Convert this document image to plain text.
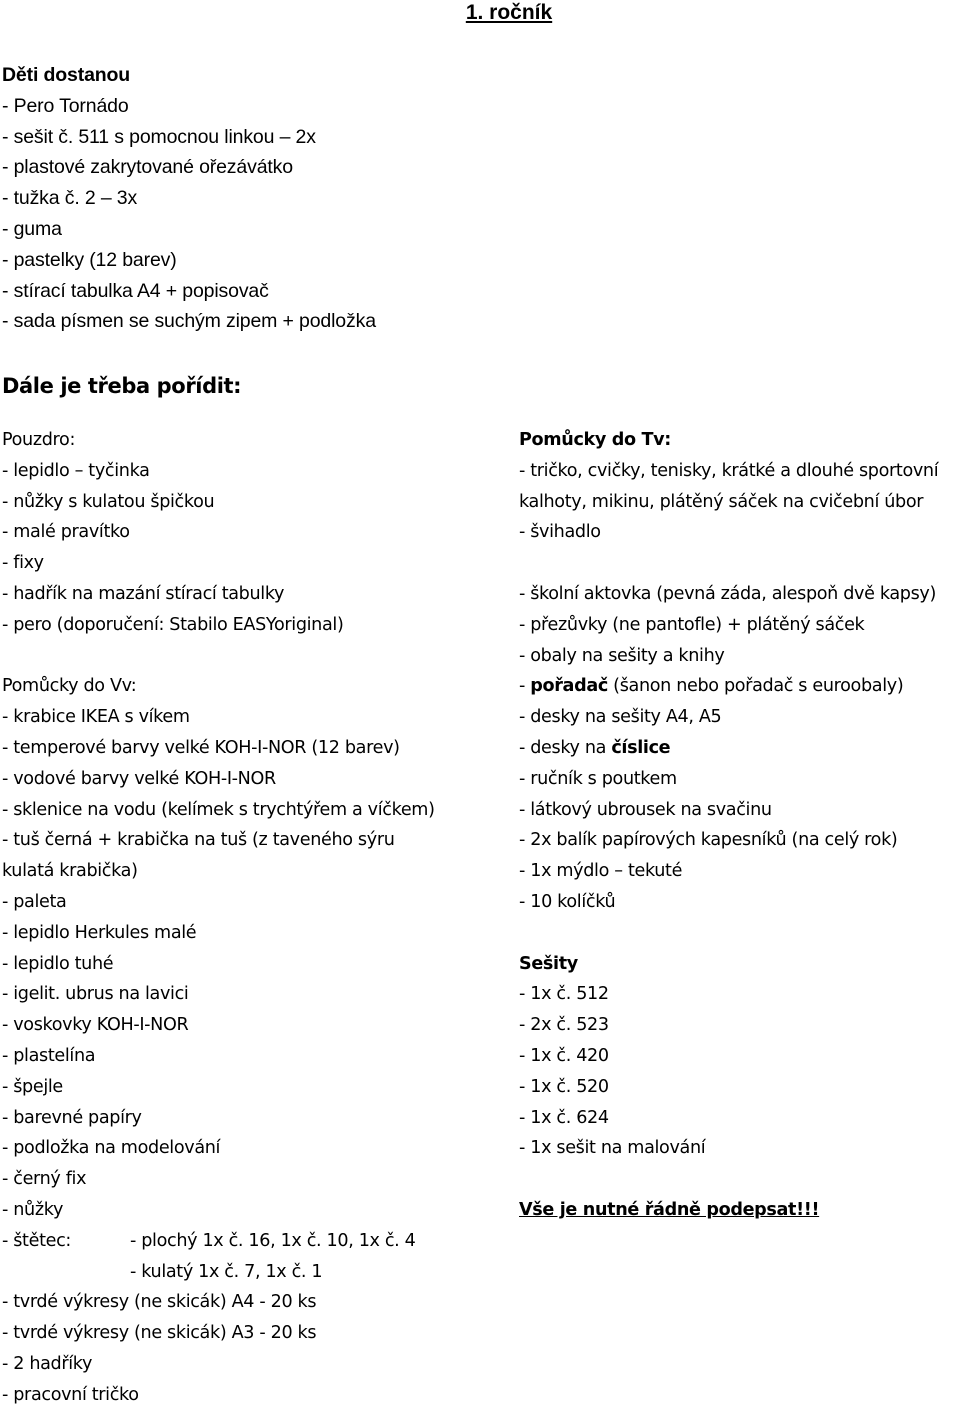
1. ročník
Děti dostanou
- Pero Tornádo
- sešit č. 511 s pomocnou linkou – 2x
- plastové zakrytované ořezávátko
- tužka č. 2 – 3x
- guma
- pastelky (12 barev)
- stírací tabulka A4 + popisovač
- sada písmen se suchým zipem + podložka
Dále je třeba pořídit:
Pouzdro:
- lepidlo – tyčinka
- nůžky s kulatou špičkou
- malé pravítko
- fixy
- hadřík na mazání stírací tabulky
- pero (doporučení: Stabilo EASYoriginal)
Pomůcky do Vv:
- krabice IKEA s víkem
- temperové barvy velké KOH-I-NOR (12 barev)
- vodové barvy velké KOH-I-NOR
- sklenice na vodu (kelímek s trychtýřem a víčkem)
- tuš černá + krabička na tuš (z taveného sýru
kulatá krabička)
- paleta
- lepidlo Herkules malé
- lepidlo tuhé
- igelit. ubrus na lavici
- voskovky KOH-I-NOR
- plastelína
- špejle
- barevné papíry
- podložka na modelování
- černý fix
- nůžky
- štětec:	- plochý 1x č. 16, 1x č. 10, 1x č. 4
- kulatý 1x č. 7, 1x č. 1
- tvrdé výkresy (ne skicák) A4 - 20 ks
- tvrdé výkresy (ne skicák) A3 - 20 ks
- 2 hadříky
- pracovní tričko
Pomůcky do Tv:
- tričko, cvičky, tenisky, krátké a dlouhé sportovní
kalhoty, mikinu, plátěný sáček na cvičební úbor
- švihadlo
- školní aktovka (pevná záda, alespoň dvě kapsy)
- přezůvky (ne pantofle) + plátěný sáček
- obaly na sešity a knihy
- pořadač (šanon nebo pořadač s euroobaly)
- desky na sešity A4, A5
- desky na číslice
- ručník s poutkem
- látkový ubrousek na svačinu
- 2x balík papírových kapesníků (na celý rok)
- 1x mýdlo – tekuté
- 10 kolíčků
Sešity
- 1x č. 512
- 2x č. 523
- 1x č. 420
- 1x č. 520
- 1x č. 624
- 1x sešit na malování
Vše je nutné řádně podepsat!!!
